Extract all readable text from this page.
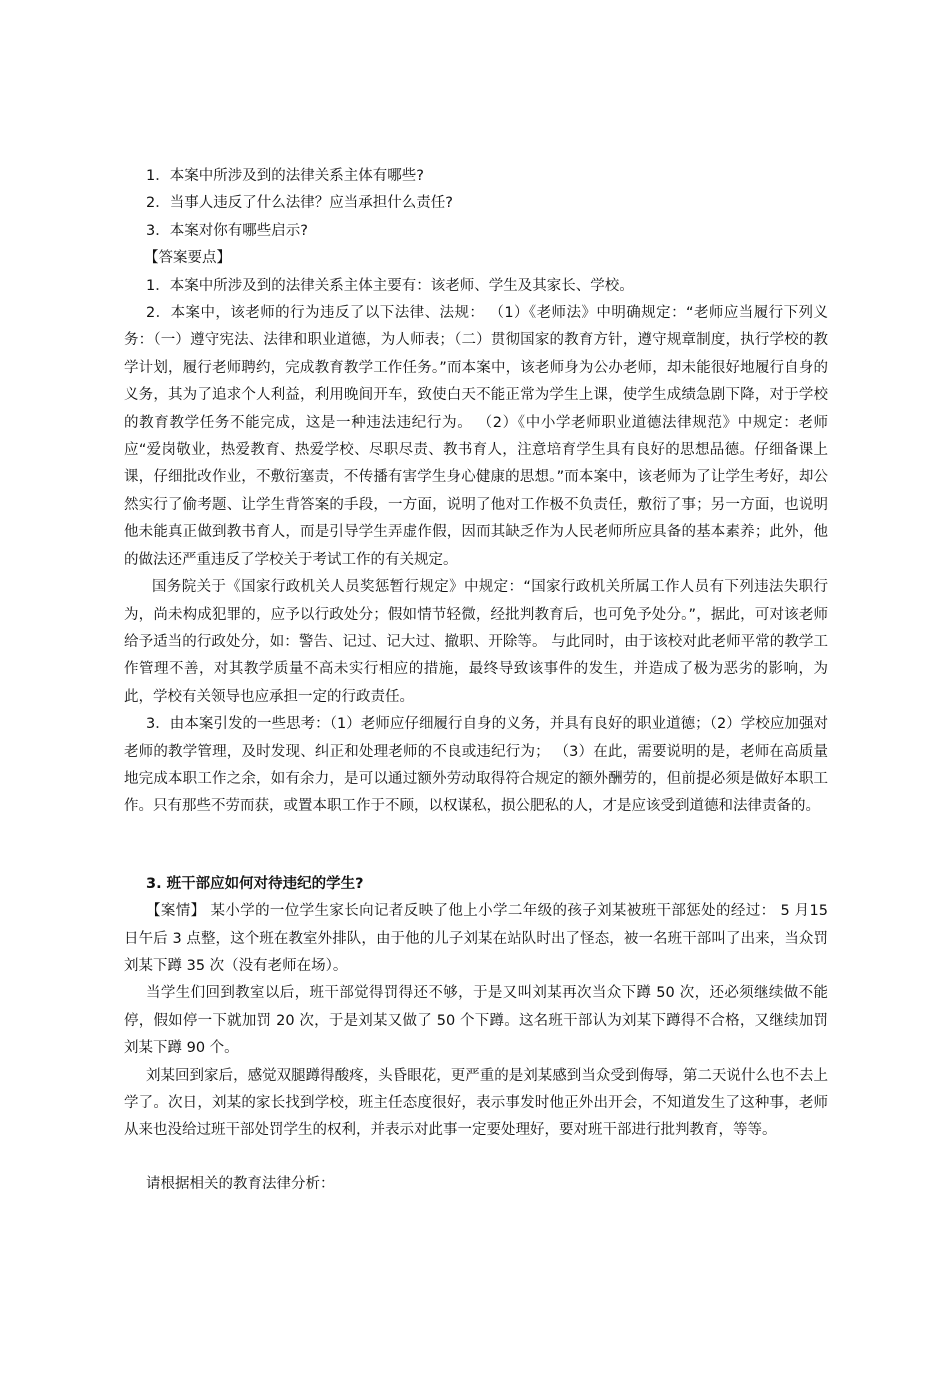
1．本案中所涉及到的法律关系主体有哪些?

2．当事人违反了什么法律？应当承担什么责任?

3．本案对你有哪些启示?

【答案要点】

1．本案中所涉及到的法律关系主体主要有：该老师、学生及其家长、学校。

2．本案中，该老师的行为违反了以下法律、法规： （1）《老师法》中明确规定：“老师应当履行下列义务：（一）遵守宪法、法律和职业道德，为人师表；（二）贯彻国家的教育方针，遵守规章制度，执行学校的教学计划，履行老师聘约，完成教育教学工作任务。”而本案中，该老师身为公办老师，却未能很好地履行自身的义务，其为了追求个人利益，利用晚间开车，致使白天不能正常为学生上课，使学生成绩急剧下降，对于学校的教育教学任务不能完成，这是一种违法违纪行为。 （2）《中小学老师职业道德法律规范》中规定：老师应“爱岗敬业，热爱教育、热爱学校、尽职尽责、教书育人，注意培育学生具有良好的思想品德。仔细备课上课，仔细批改作业，不敷衍塞责，不传播有害学生身心健康的思想。”而本案中，该老师为了让学生考好，却公然实行了偷考题、让学生背答案的手段，一方面，说明了他对工作极不负责任，敷衍了事；另一方面，也说明他未能真正做到教书育人，而是引导学生弄虚作假，因而其缺乏作为人民老师所应具备的基本素养；此外，他的做法还严重违反了学校关于考试工作的有关规定。

国务院关于《国家行政机关人员奖惩暂行规定》中规定：“国家行政机关所属工作人员有下列违法失职行为，尚未构成犯罪的，应予以行政处分；假如情节轻微，经批判教育后，也可免予处分。”，据此，可对该老师给予适当的行政处分，如：警告、记过、记大过、撤职、开除等。 与此同时，由于该校对此老师平常的教学工作管理不善，对其教学质量不高未实行相应的措施，最终导致该事件的发生，并造成了极为恶劣的影响，为此，学校有关领导也应承担一定的行政责任。

3．由本案引发的一些思考：（1）老师应仔细履行自身的义务，并具有良好的职业道德；（2）学校应加强对老师的教学管理，及时发现、纠正和处理老师的不良或违纪行为； （3）在此，需要说明的是，老师在高质量地完成本职工作之余，如有余力，是可以通过额外劳动取得符合规定的额外酬劳的，但前提必须是做好本职工作。只有那些不劳而获，或置本职工作于不顾，以权谋私，损公肥私的人，才是应该受到道德和法律责备的。

3. 班干部应如何对待违纪的学生?

【案情】 某小学的一位学生家长向记者反映了他上小学二年级的孩子刘某被班干部惩处的经过： 5 月15 日午后 3 点整，这个班在教室外排队，由于他的儿子刘某在站队时出了怪态，被一名班干部叫了出来，当众罚刘某下蹲 35 次（没有老师在场）。

当学生们回到教室以后，班干部觉得罚得还不够，于是又叫刘某再次当众下蹲 50 次，还必须继续做不能停，假如停一下就加罚 20 次，于是刘某又做了 50 个下蹲。这名班干部认为刘某下蹲得不合格，又继续加罚刘某下蹲 90 个。

刘某回到家后，感觉双腿蹲得酸疼，头昏眼花，更严重的是刘某感到当众受到侮辱，第二天说什么也不去上学了。次日，刘某的家长找到学校，班主任态度很好，表示事发时他正外出开会，不知道发生了这种事，老师从来也没给过班干部处罚学生的权利，并表示对此事一定要处理好，要对班干部进行批判教育，等等。

请根据相关的教育法律分析：
